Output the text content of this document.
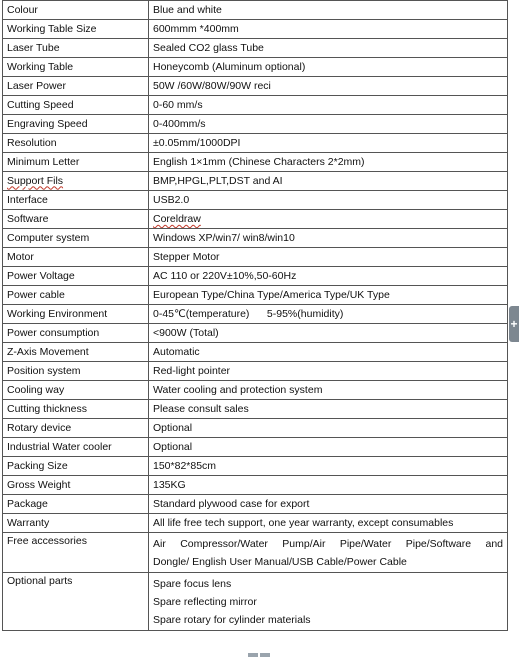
Colour	Blue and white

Working Table Size	600mmm *400mm

Laser Tube	Sealed CO2 glass Tube

Working Table	Honeycomb (Aluminum optional)

Laser Power	50W /60W/80W/90W reci

Cutting Speed	0-60 mm/s

Engraving Speed	0-400mm/s

Resolution	±0.05mm/1000DPI

Minimum Letter	English 1×1mm (Chinese Characters 2*2mm)

Support Fils	BMP,HPGL,PLT,DST and AI

Interface	USB2.0

Software	Coreldraw

Computer system	Windows XP/win7/ win8/win10

Motor	Stepper Motor

Power Voltage	AC 110 or 220V±10%,50-60Hz

Power cable	European Type/China Type/America Type/UK Type

Working Environment	0-45℃(temperature)      5-95%(humidity)

Power consumption	<900W (Total)

Z-Axis Movement	Automatic

Position system	Red-light pointer

Cooling way	Water cooling and protection system

Cutting thickness	Please consult sales

Rotary device	Optional

Industrial Water cooler	Optional

Packing Size	150*82*85cm

Gross Weight	135KG

Package	Standard plywood case for export

Warranty	All life free tech support, one year warranty, except consumables

Free accessories	Air Compressor/Water Pump/Air Pipe/Water Pipe/Software and
Dongle/ English User Manual/USB Cable/Power Cable

Optional parts	Spare focus lens
Spare reflecting mirror
Spare rotary for cylinder materials
+
